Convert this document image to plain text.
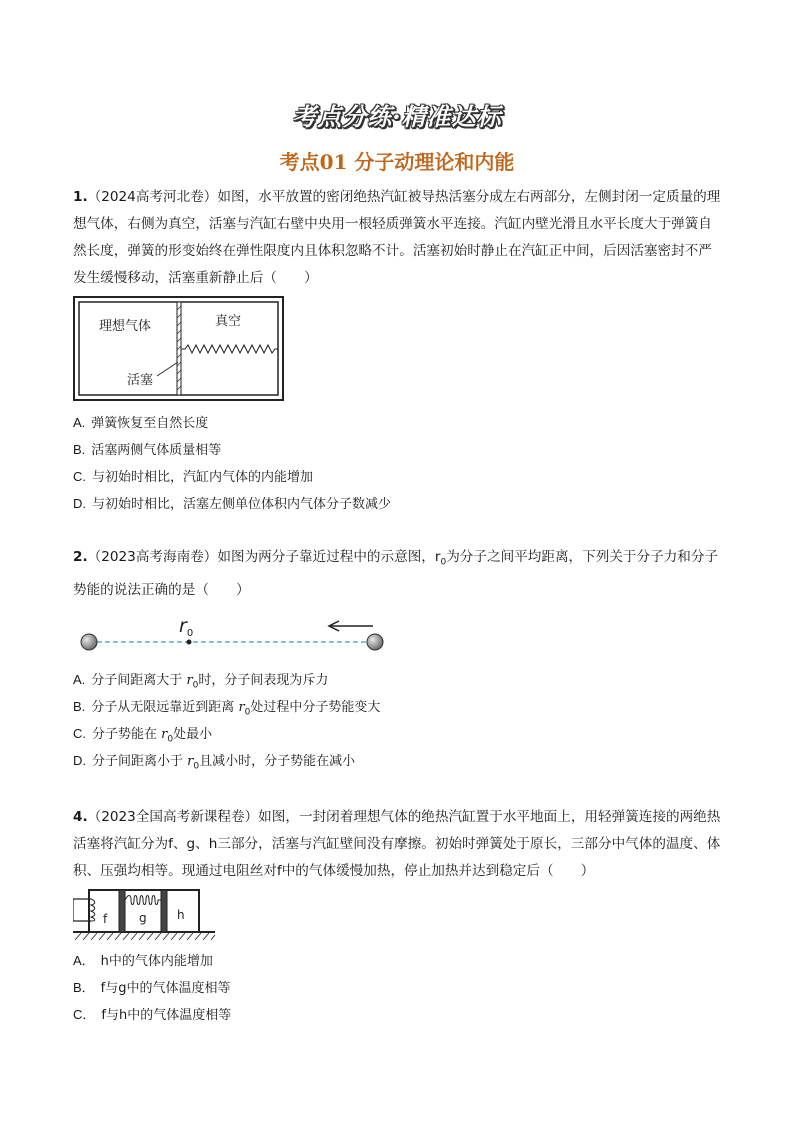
考点分练·精准达标
考点01 分子动理论和内能
1.（2024高考河北卷）如图，水平放置的密闭绝热汽缸被导热活塞分成左右两部分，左侧封闭一定质量的理想气体，右侧为真空，活塞与汽缸右壁中央用一根轻质弹簧水平连接。汽缸内壁光滑且水平长度大于弹簧自然长度，弹簧的形变始终在弹性限度内且体积忽略不计。活塞初始时静止在汽缸正中间，后因活塞密封不严发生缓慢移动，活塞重新静止后（　　）
理想气体	真空
活塞
A. 弹簧恢复至自然长度
B. 活塞两侧气体质量相等
C. 与初始时相比，汽缸内气体的内能增加
D. 与初始时相比，活塞左侧单位体积内气体分子数减少
2.（2023高考海南卷）如图为两分子靠近过程中的示意图，$r_0$为分子之间平均距离，下列关于分子力和分子势能的说法正确的是（　　）
$r_0$
A. 分子间距离大于 $r_0$时，分子间表现为斥力
B. 分子从无限远靠近到距离 $r_0$处过程中分子势能变大
C. 分子势能在 $r_0$处最小
D. 分子间距离小于 $r_0$且减小时，分子势能在减小
4.（2023全国高考新课程卷）如图，一封闭着理想气体的绝热汽缸置于水平地面上，用轻弹簧连接的两绝热活塞将汽缸分为f、g、h三部分，活塞与汽缸壁间没有摩擦。初始时弹簧处于原长，三部分中气体的温度、体积、压强均相等。现通过电阻丝对f中的气体缓慢加热，停止加热并达到稳定后（　　）
f	g	h
A． h中的气体内能增加
B． f与g中的气体温度相等
C． f与h中的气体温度相等
